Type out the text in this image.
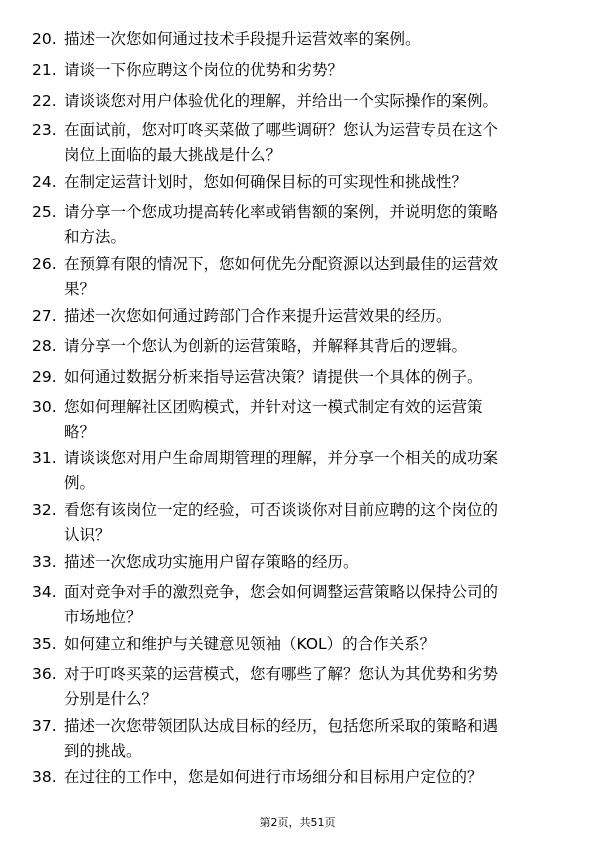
20. 描述一次您如何通过技术手段提升运营效率的案例。
21. 请谈一下你应聘这个岗位的优势和劣势？
22. 请谈谈您对用户体验优化的理解，并给出一个实际操作的案例。
23. 在面试前，您对叮咚买菜做了哪些调研？您认为运营专员在这个
岗位上面临的最大挑战是什么？
24. 在制定运营计划时，您如何确保目标的可实现性和挑战性？
25. 请分享一个您成功提高转化率或销售额的案例，并说明您的策略
和方法。
26. 在预算有限的情况下，您如何优先分配资源以达到最佳的运营效
果？
27. 描述一次您如何通过跨部门合作来提升运营效果的经历。
28. 请分享一个您认为创新的运营策略，并解释其背后的逻辑。
29. 如何通过数据分析来指导运营决策？请提供一个具体的例子。
30. 您如何理解社区团购模式，并针对这一模式制定有效的运营策
略？
31. 请谈谈您对用户生命周期管理的理解，并分享一个相关的成功案
例。
32. 看您有该岗位一定的经验，可否谈谈你对目前应聘的这个岗位的
认识？
33. 描述一次您成功实施用户留存策略的经历。
34. 面对竞争对手的激烈竞争，您会如何调整运营策略以保持公司的
市场地位？
35. 如何建立和维护与关键意见领袖（KOL）的合作关系？
36. 对于叮咚买菜的运营模式，您有哪些了解？您认为其优势和劣势
分别是什么？
37. 描述一次您带领团队达成目标的经历，包括您所采取的策略和遇
到的挑战。
38. 在过往的工作中，您是如何进行市场细分和目标用户定位的？
第2页，共51页
